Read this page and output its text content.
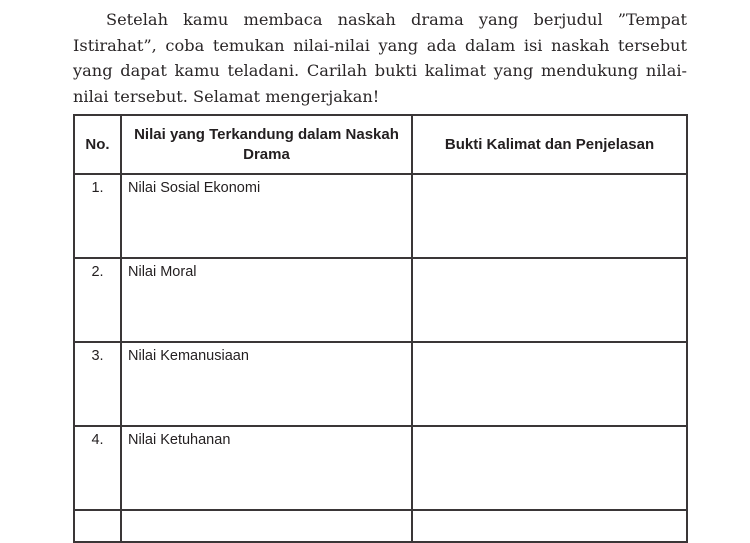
Setelah kamu membaca naskah drama yang berjudul ”Tempat Istirahat”, coba temukan nilai-nilai yang ada dalam isi naskah tersebut yang dapat kamu teladani. Carilah bukti kalimat yang mendukung nilai-nilai tersebut. Selamat mengerjakan!

No.	Nilai yang Terkandung dalam Naskah Drama	Bukti Kalimat dan Penjelasan
1.	Nilai Sosial Ekonomi	
2.	Nilai Moral	
3.	Nilai Kemanusiaan	
4.	Nilai Ketuhanan	
